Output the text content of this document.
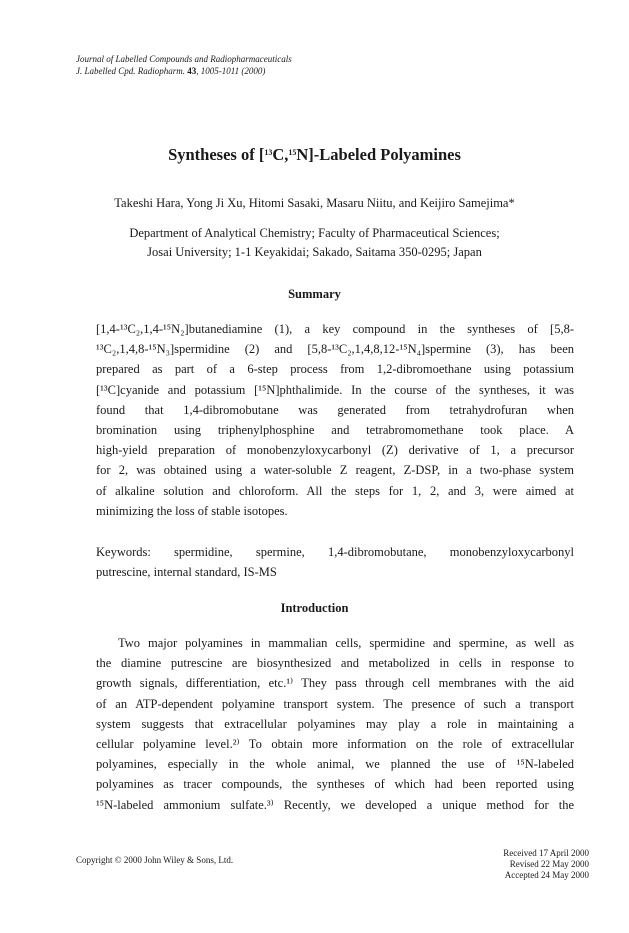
Journal of Labelled Compounds and Radiopharmaceuticals
J. Labelled Cpd. Radiopharm. 43, 1005-1011 (2000)
Syntheses of [$^{13}$C,$^{15}$N]-Labeled Polyamines
Takeshi Hara, Yong Ji Xu, Hitomi Sasaki, Masaru Niitu, and Keijiro Samejima*
Department of Analytical Chemistry; Faculty of Pharmaceutical Sciences;
Josai University; 1-1 Keyakidai; Sakado, Saitama 350-0295; Japan
Summary
[1,4-¹³C₂,1,4-¹⁵N₂]butanediamine (1), a key compound in the syntheses of [5,8-
¹³C₂,1,4,8-¹⁵N₃]spermidine (2) and [5,8-¹³C₂,1,4,8,12-¹⁵N₄]spermine (3), has been
prepared as part of a 6-step process from 1,2-dibromoethane using potassium
[¹³C]cyanide and potassium [¹⁵N]phthalimide. In the course of the syntheses, it was
found that 1,4-dibromobutane was generated from tetrahydrofuran when
bromination using triphenylphosphine and tetrabromomethane took place. A
high-yield preparation of monobenzyloxycarbonyl (Z) derivative of 1, a precursor
for 2, was obtained using a water-soluble Z reagent, Z-DSP, in a two-phase system
of alkaline solution and chloroform. All the steps for 1, 2, and 3, were aimed at
minimizing the loss of stable isotopes.
Keywords: spermidine, spermine, 1,4-dibromobutane, monobenzyloxycarbonyl
putrescine, internal standard, IS-MS
Introduction
Two major polyamines in mammalian cells, spermidine and spermine, as well as
the diamine putrescine are biosynthesized and metabolized in cells in response to
growth signals, differentiation, etc.¹⁾ They pass through cell membranes with the aid
of an ATP-dependent polyamine transport system. The presence of such a transport
system suggests that extracellular polyamines may play a role in maintaining a
cellular polyamine level.²⁾ To obtain more information on the role of extracellular
polyamines, especially in the whole animal, we planned the use of ¹⁵N-labeled
polyamines as tracer compounds, the syntheses of which had been reported using
¹⁵N-labeled ammonium sulfate.³⁾ Recently, we developed a unique method for the
Copyright © 2000 John Wiley & Sons, Ltd.
Received 17 April 2000
Revised 22 May 2000
Accepted 24 May 2000
